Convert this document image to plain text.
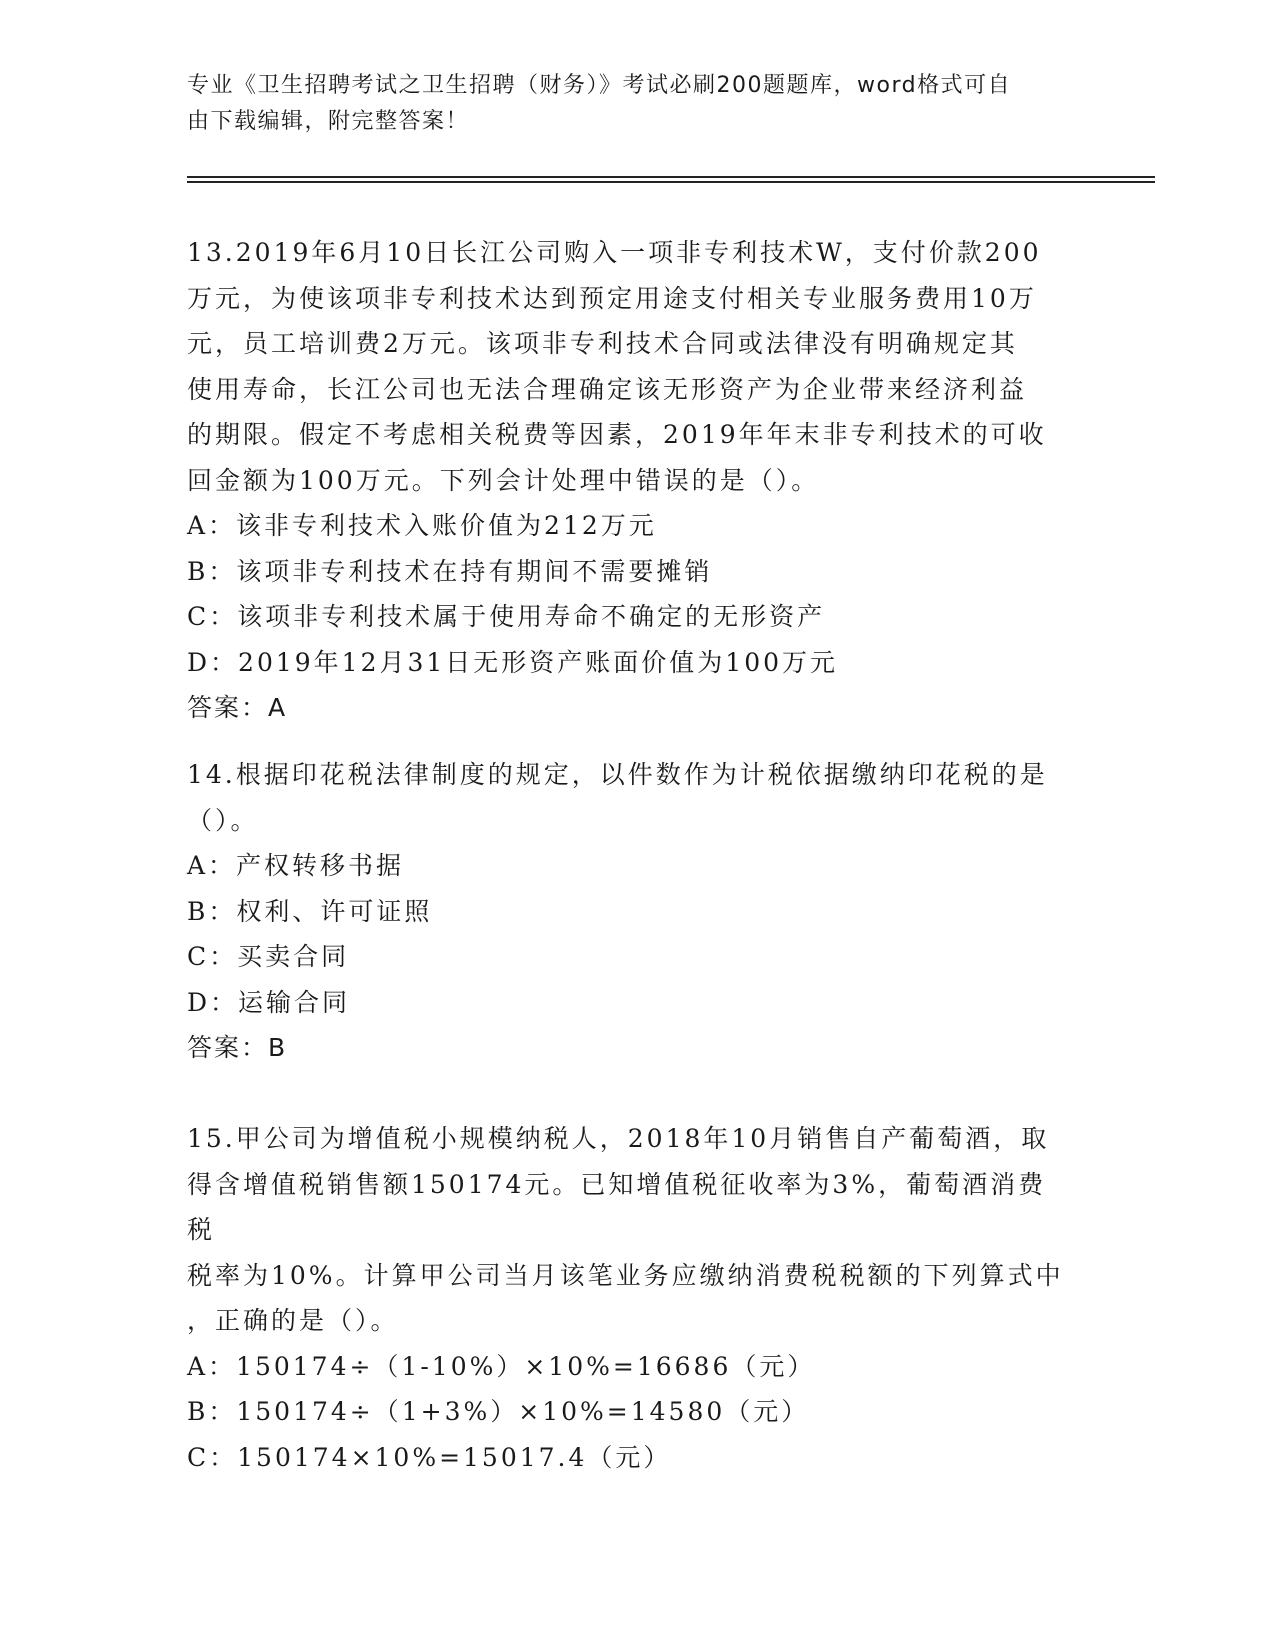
专业《卫生招聘考试之卫生招聘（财务）》考试必刷200题题库，word格式可自
由下载编辑，附完整答案！

13.2019年6月10日长江公司购入一项非专利技术W，支付价款200

万元，为使该项非专利技术达到预定用途支付相关专业服务费用10万

元，员工培训费2万元。该项非专利技术合同或法律没有明确规定其

使用寿命，长江公司也无法合理确定该无形资产为企业带来经济利益

的期限。假定不考虑相关税费等因素，2019年年末非专利技术的可收

回金额为100万元。下列会计处理中错误的是（）。

A：该非专利技术入账价值为212万元

B：该项非专利技术在持有期间不需要摊销

C：该项非专利技术属于使用寿命不确定的无形资产

D：2019年12月31日无形资产账面价值为100万元

答案：A

14.根据印花税法律制度的规定，以件数作为计税依据缴纳印花税的是

（）。

A：产权转移书据

B：权利、许可证照

C：买卖合同

D：运输合同

答案：B

15.甲公司为增值税小规模纳税人，2018年10月销售自产葡萄酒，取

得含增值税销售额150174元。已知增值税征收率为3%，葡萄酒消费税

税率为10%。计算甲公司当月该笔业务应缴纳消费税税额的下列算式中

，正确的是（）。

A：150174÷（1-10%）×10%=16686（元）

B：150174÷（1+3%）×10%=14580（元）

C：150174×10%=15017.4（元）
